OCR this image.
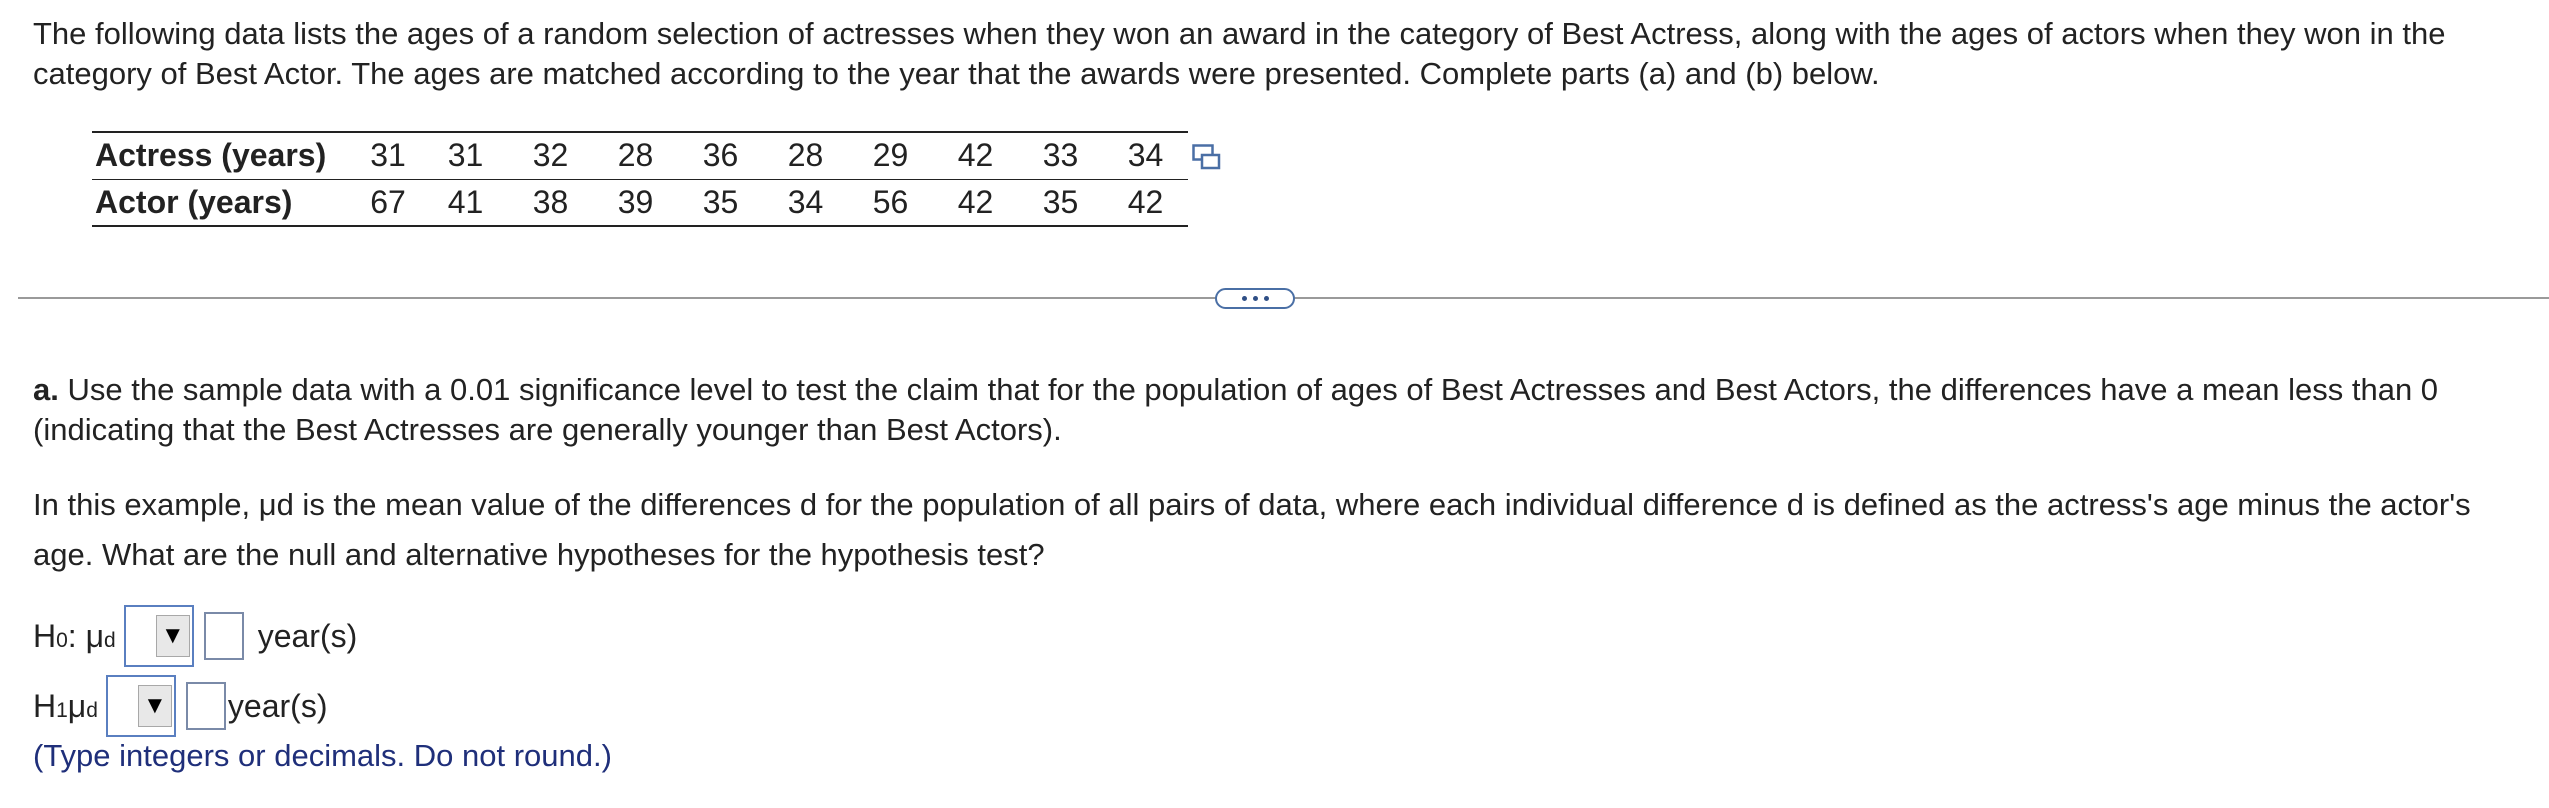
The following data lists the ages of a random selection of actresses when they won an award in the category of Best Actress, along with the ages of actors when they won in the category of Best Actor. The ages are matched according to the year that the awards were presented. Complete parts (a) and (b) below.
Actress (years)	31	31	32	28	36	28	29	42	33	34
Actor (years)	67	41	38	39	35	34	56	42	35	42
a. Use the sample data with a 0.01 significance level to test the claim that for the population of ages of Best Actresses and Best Actors, the differences have a mean less than 0 (indicating that the Best Actresses are generally younger than Best Actors).
In this example, μd is the mean value of the differences d for the population of all pairs of data, where each individual difference d is defined as the actress's age minus the actor's age. What are the null and alternative hypotheses for the hypothesis test?
H 0 :
μ d ▼ year(s)
H 1 μ d ▼ year(s)
(Type integers or decimals. Do not round.)
